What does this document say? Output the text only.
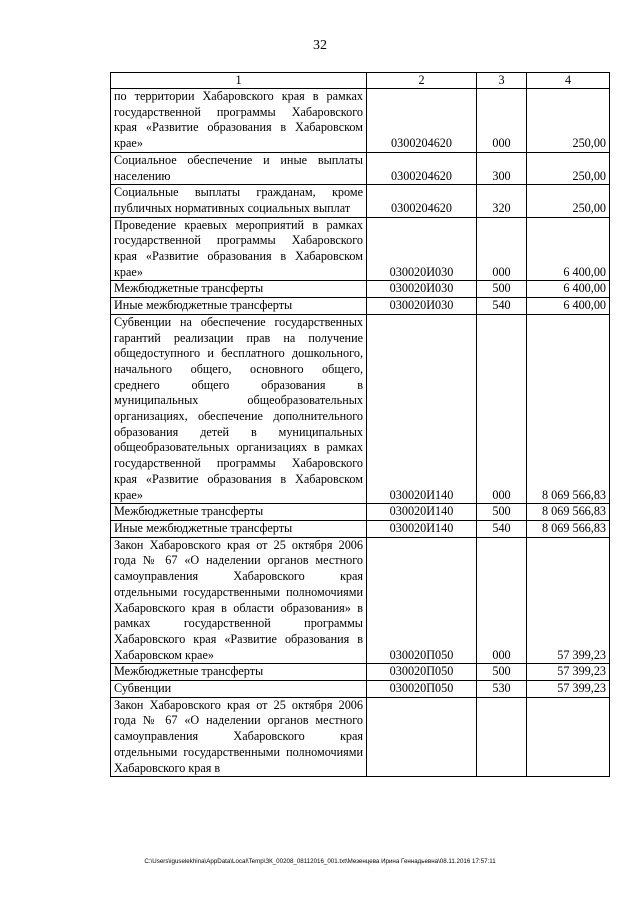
32
1	2	3	4
по территории Хабаровского края в рамках государственной программы Хабаровского края «Развитие образования в Хабаровском крае»	0300204620	000	250,00
Социальное обеспечение и иные выплаты населению	0300204620	300	250,00
Социальные выплаты гражданам, кроме публичных нормативных социальных выплат	0300204620	320	250,00
Проведение краевых мероприятий в рамках государственной программы Хабаровского края «Развитие образования в Хабаровском крае»	030020И030	000	6 400,00
Межбюджетные трансферты	030020И030	500	6 400,00
Иные межбюджетные трансферты	030020И030	540	6 400,00
Субвенции на обеспечение государственных гарантий реализации прав на получение общедоступного и бесплатного дошкольного, начального общего, основного общего, среднего общего образования в муниципальных общеобразовательных организациях, обеспечение дополнительного образования детей в муниципальных общеобразовательных организациях в рамках государственной программы Хабаровского края «Развитие образования в Хабаровском крае»	030020И140	000	8 069 566,83
Межбюджетные трансферты	030020И140	500	8 069 566,83
Иные межбюджетные трансферты	030020И140	540	8 069 566,83
Закон Хабаровского края от 25 октября 2006 года № 67 «О наделении органов местного самоуправления Хабаровского края отдельными государственными полномочиями Хабаровского края в области образования» в рамках государственной программы Хабаровского края «Развитие образования в Хабаровском крае»	030020П050	000	57 399,23
Межбюджетные трансферты	030020П050	500	57 399,23
Субвенции	030020П050	530	57 399,23
Закон Хабаровского края от 25 октября 2006 года № 67 «О наделении органов местного самоуправления Хабаровского края отдельными государственными полномочиями Хабаровского края в			
C:\Users\iguselekhina\AppData\Local\Temp\ЗК_00208_08112016_001.txt\Мезенцева Ирина Геннадьевна\08.11.2016 17:57:11
